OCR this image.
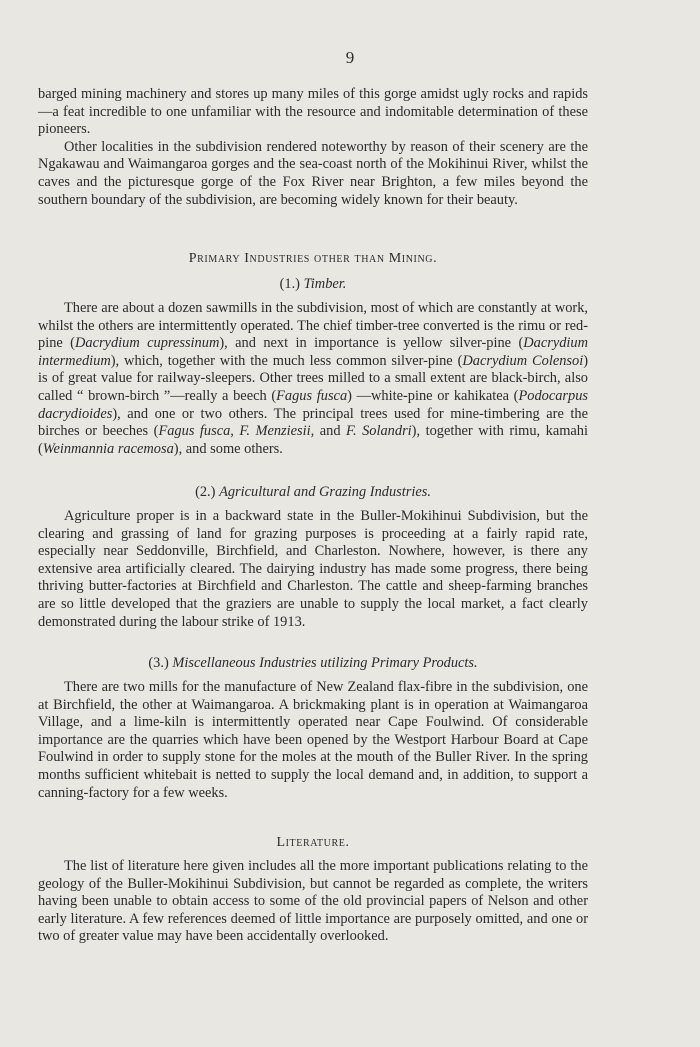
9

barged mining machinery and stores up many miles of this gorge amidst ugly rocks and rapids—a feat incredible to one unfamiliar with the resource and indomitable determination of these pioneers.

Other localities in the subdivision rendered noteworthy by reason of their scenery are the Ngakawau and Waimangaroa gorges and the sea-coast north of the Mokihinui River, whilst the caves and the picturesque gorge of the Fox River near Brighton, a few miles beyond the southern boundary of the subdivision, are becoming widely known for their beauty.

Primary Industries other than Mining.
(1.) Timber.

There are about a dozen sawmills in the subdivision, most of which are constantly at work, whilst the others are intermittently operated. The chief timber-tree converted is the rimu or red-pine (Dacrydium cupressinum), and next in importance is yellow silver-pine (Dacrydium intermedium), which, together with the much less common silver-pine (Dacrydium Colensoi) is of great value for railway-sleepers. Other trees milled to a small extent are black-birch, also called “ brown-birch ”—really a beech (Fagus fusca) —white-pine or kahikatea (Podocarpus dacrydioides), and one or two others. The principal trees used for mine-timbering are the birches or beeches (Fagus fusca, F. Menziesii, and F. Solandri), together with rimu, kamahi (Weinmannia racemosa), and some others.

(2.) Agricultural and Grazing Industries.

Agriculture proper is in a backward state in the Buller-Mokihinui Subdivision, but the clearing and grassing of land for grazing purposes is proceeding at a fairly rapid rate, especially near Seddonville, Birchfield, and Charleston. Nowhere, however, is there any extensive area artificially cleared. The dairying industry has made some progress, there being thriving butter-factories at Birchfield and Charleston. The cattle and sheep-farming branches are so little developed that the graziers are unable to supply the local market, a fact clearly demonstrated during the labour strike of 1913.

(3.) Miscellaneous Industries utilizing Primary Products.

There are two mills for the manufacture of New Zealand flax-fibre in the subdivision, one at Birchfield, the other at Waimangaroa. A brickmaking plant is in operation at Waimangaroa Village, and a lime-kiln is intermittently operated near Cape Foulwind. Of considerable importance are the quarries which have been opened by the Westport Harbour Board at Cape Foulwind in order to supply stone for the moles at the mouth of the Buller River. In the spring months sufficient whitebait is netted to supply the local demand and, in addition, to support a canning-factory for a few weeks.

Literature.

The list of literature here given includes all the more important publications relating to the geology of the Buller-Mokihinui Subdivision, but cannot be regarded as complete, the writers having been unable to obtain access to some of the old provincial papers of Nelson and other early literature. A few references deemed of little importance are purposely omitted, and one or two of greater value may have been accidentally overlooked.
